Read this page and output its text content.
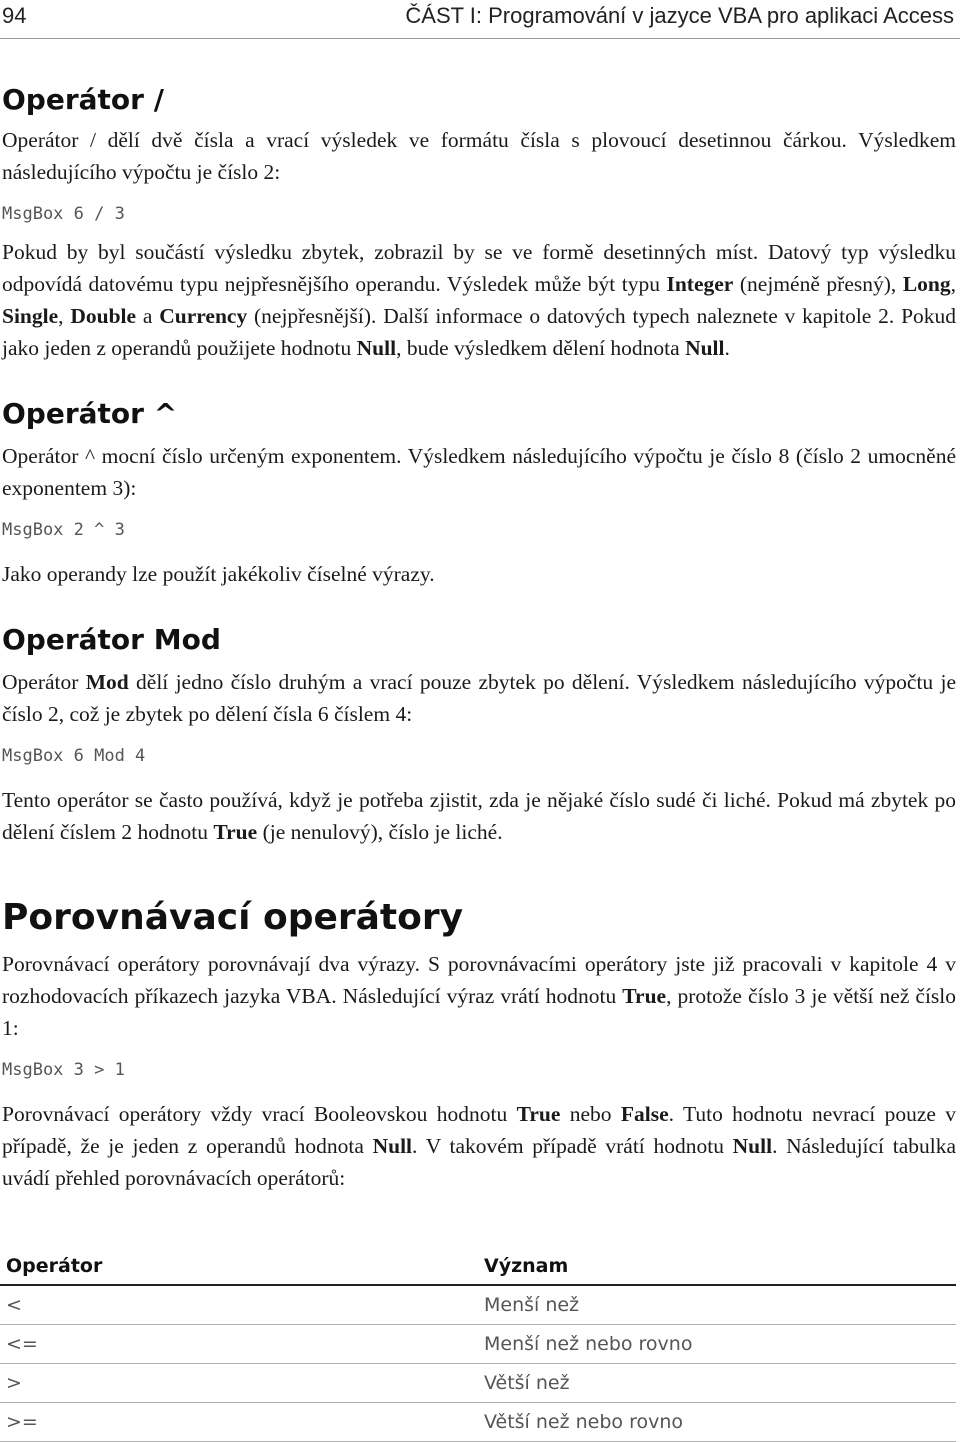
94	ČÁST I: Programování v jazyce VBA pro aplikaci Access
Operátor /

Operátor / dělí dvě čísla a vrací výsledek ve formátu čísla s plovoucí desetinnou čárkou. Výsledkem následujícího výpočtu je číslo 2:

MsgBox 6 / 3

Pokud by byl součástí výsledku zbytek, zobrazil by se ve formě desetinných míst. Datový typ výsledku odpovídá datovému typu nejpřesnějšího operandu. Výsledek může být typu Integer (nejméně přesný), Long, Single, Double a Currency (nejpřesnější). Další informace o datových typech naleznete v kapitole 2. Pokud jako jeden z operandů použijete hodnotu Null, bude výsledkem dělení hodnota Null.

Operátor ^

Operátor ^ mocní číslo určeným exponentem. Výsledkem následujícího výpočtu je číslo 8 (číslo 2 umocněné exponentem 3):

MsgBox 2 ^ 3

Jako operandy lze použít jakékoliv číselné výrazy.

Operátor Mod

Operátor Mod dělí jedno číslo druhým a vrací pouze zbytek po dělení. Výsledkem následujícího výpočtu je číslo 2, což je zbytek po dělení čísla 6 číslem 4:

MsgBox 6 Mod 4

Tento operátor se často používá, když je potřeba zjistit, zda je nějaké číslo sudé či liché. Pokud má zbytek po dělení číslem 2 hodnotu True (je nenulový), číslo je liché.

Porovnávací operátory

Porovnávací operátory porovnávají dva výrazy. S porovnávacími operátory jste již pracovali v kapitole 4 v rozhodovacích příkazech jazyka VBA. Následující výraz vrátí hodnotu True, protože číslo 3 je větší než číslo 1:

MsgBox 3 > 1

Porovnávací operátory vždy vrací Booleovskou hodnotu True nebo False. Tuto hodnotu nevrací pouze v případě, že je jeden z operandů hodnota Null. V takovém případě vrátí hodnotu Null. Následující tabulka uvádí přehled porovnávacích operátorů:

Operátor	Význam
<	Menší než
<=	Menší než nebo rovno
>	Větší než
>=	Větší než nebo rovno
